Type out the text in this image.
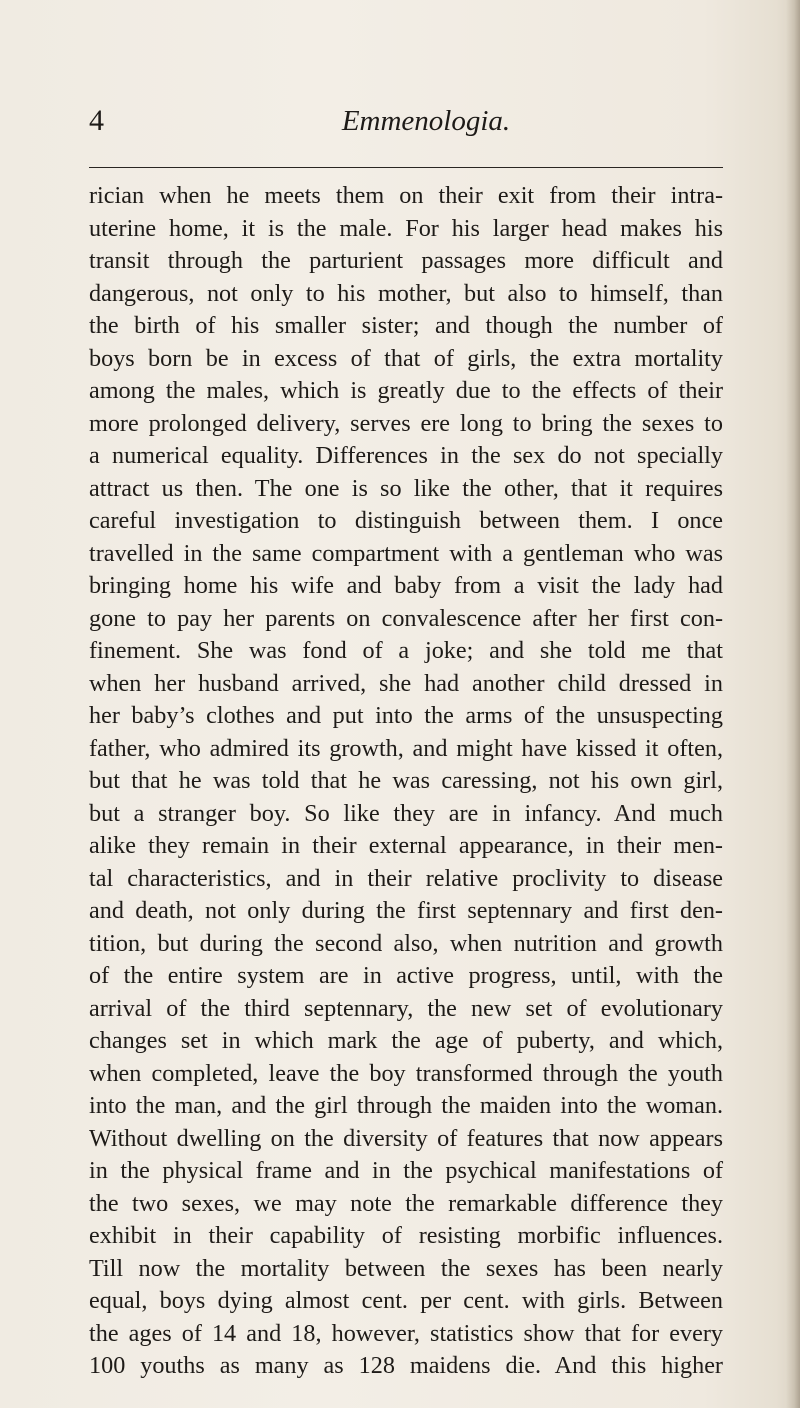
4	Emmenologia.
rician when he meets them on their exit from their intra-
uterine home, it is the male. For his larger head makes his
transit through the parturient passages more difficult and
dangerous, not only to his mother, but also to himself, than
the birth of his smaller sister; and though the number of
boys born be in excess of that of girls, the extra mortality
among the males, which is greatly due to the effects of their
more prolonged delivery, serves ere long to bring the sexes to
a numerical equality. Differences in the sex do not specially
attract us then. The one is so like the other, that it requires
careful investigation to distinguish between them. I once
travelled in the same compartment with a gentleman who was
bringing home his wife and baby from a visit the lady had
gone to pay her parents on convalescence after her first con-
finement. She was fond of a joke; and she told me that
when her husband arrived, she had another child dressed in
her baby’s clothes and put into the arms of the unsuspecting
father, who admired its growth, and might have kissed it often,
but that he was told that he was caressing, not his own girl,
but a stranger boy. So like they are in infancy. And much
alike they remain in their external appearance, in their men-
tal characteristics, and in their relative proclivity to disease
and death, not only during the first septennary and first den-
tition, but during the second also, when nutrition and growth
of the entire system are in active progress, until, with the
arrival of the third septennary, the new set of evolutionary
changes set in which mark the age of puberty, and which,
when completed, leave the boy transformed through the youth
into the man, and the girl through the maiden into the woman.
Without dwelling on the diversity of features that now appears
in the physical frame and in the psychical manifestations of
the two sexes, we may note the remarkable difference they
exhibit in their capability of resisting morbific influences.
Till now the mortality between the sexes has been nearly
equal, boys dying almost cent. per cent. with girls. Between
the ages of 14 and 18, however, statistics show that for every
100 youths as many as 128 maidens die. And this higher
